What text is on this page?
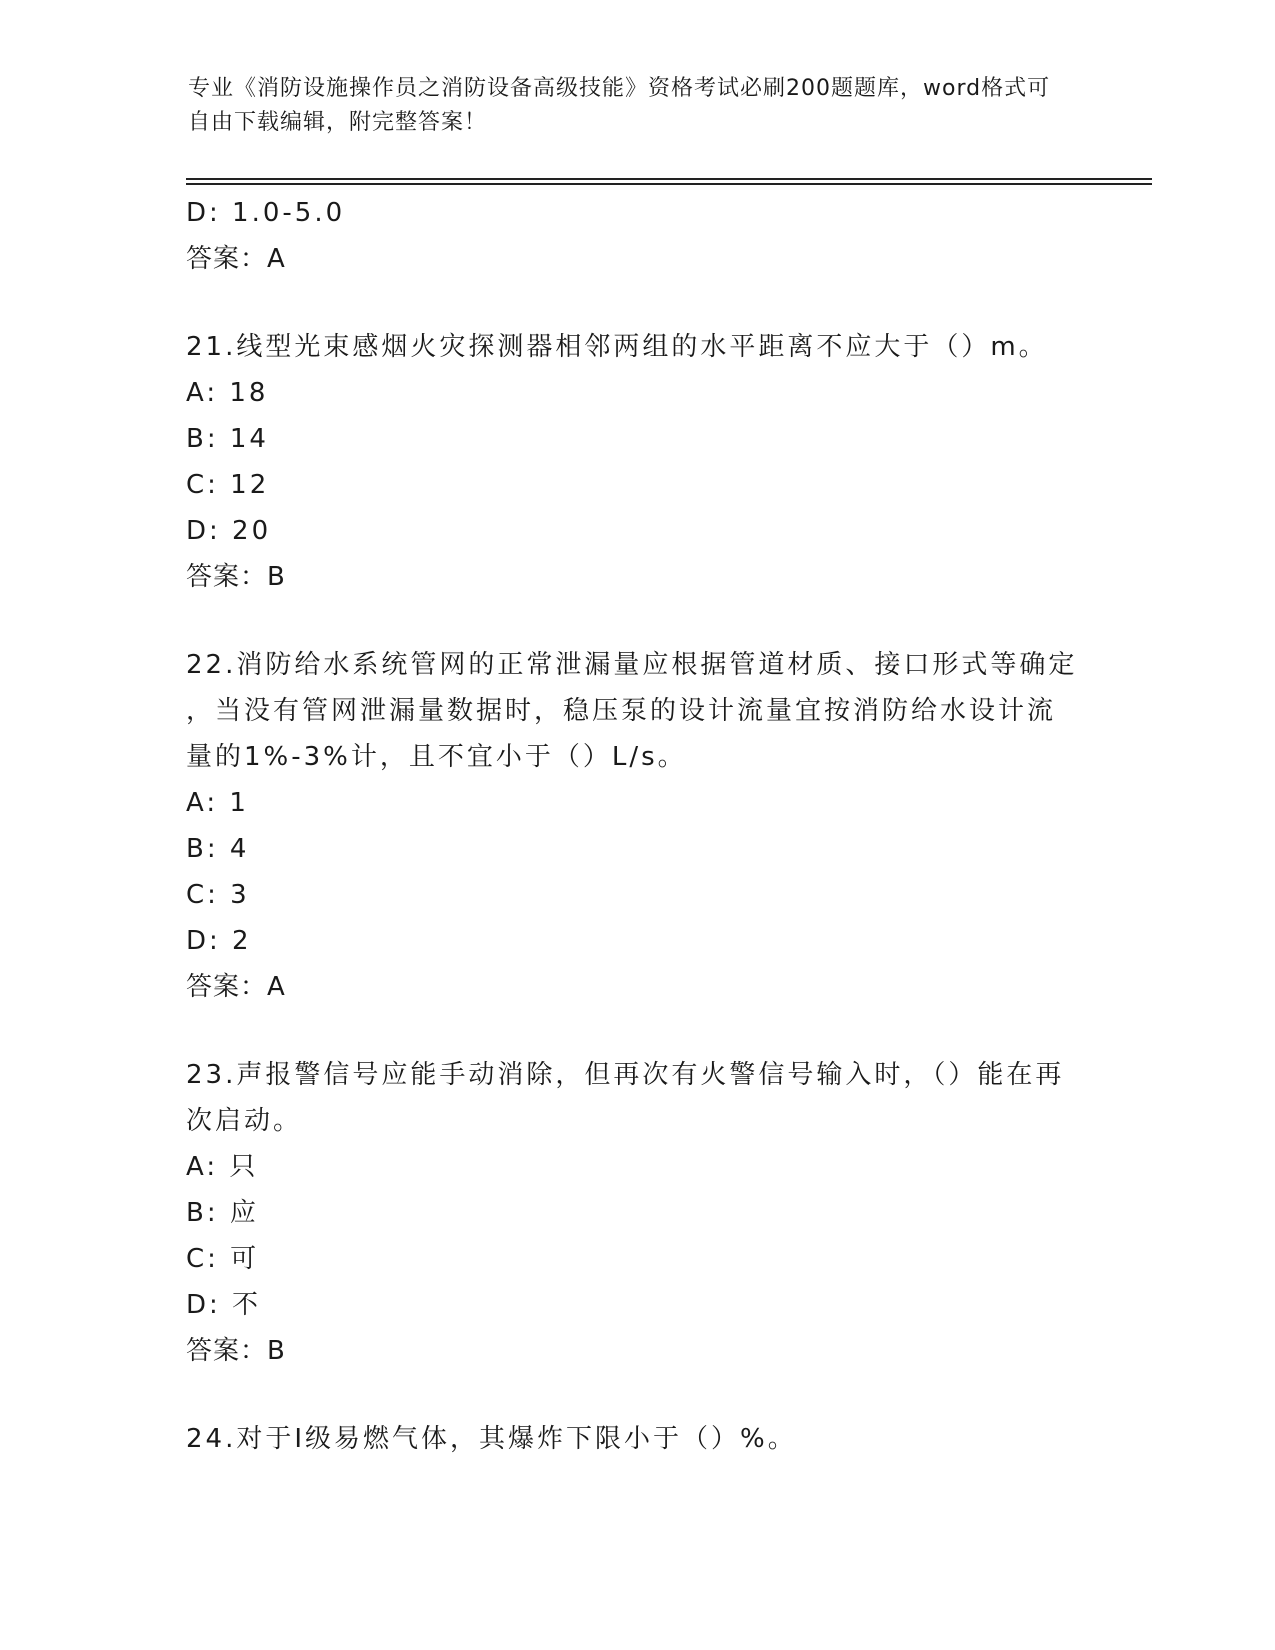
专业《消防设施操作员之消防设备高级技能》资格考试必刷200题题库，word格式可自由下载编辑，附完整答案！
D: 1.0-5.0
答案：A
21.线型光束感烟火灾探测器相邻两组的水平距离不应大于（）m。
A: 18
B: 14
C: 12
D: 20
答案：B
22.消防给水系统管网的正常泄漏量应根据管道材质、接口形式等确定
，当没有管网泄漏量数据时，稳压泵的设计流量宜按消防给水设计流
量的1%-3%计，且不宜小于（）L/s。
A: 1
B: 4
C: 3
D: 2
答案：A
23.声报警信号应能手动消除，但再次有火警信号输入时，（）能在再
次启动。
A: 只
B: 应
C: 可
D: 不
答案：B
24.对于Ⅰ级易燃气体，其爆炸下限小于（）%。
